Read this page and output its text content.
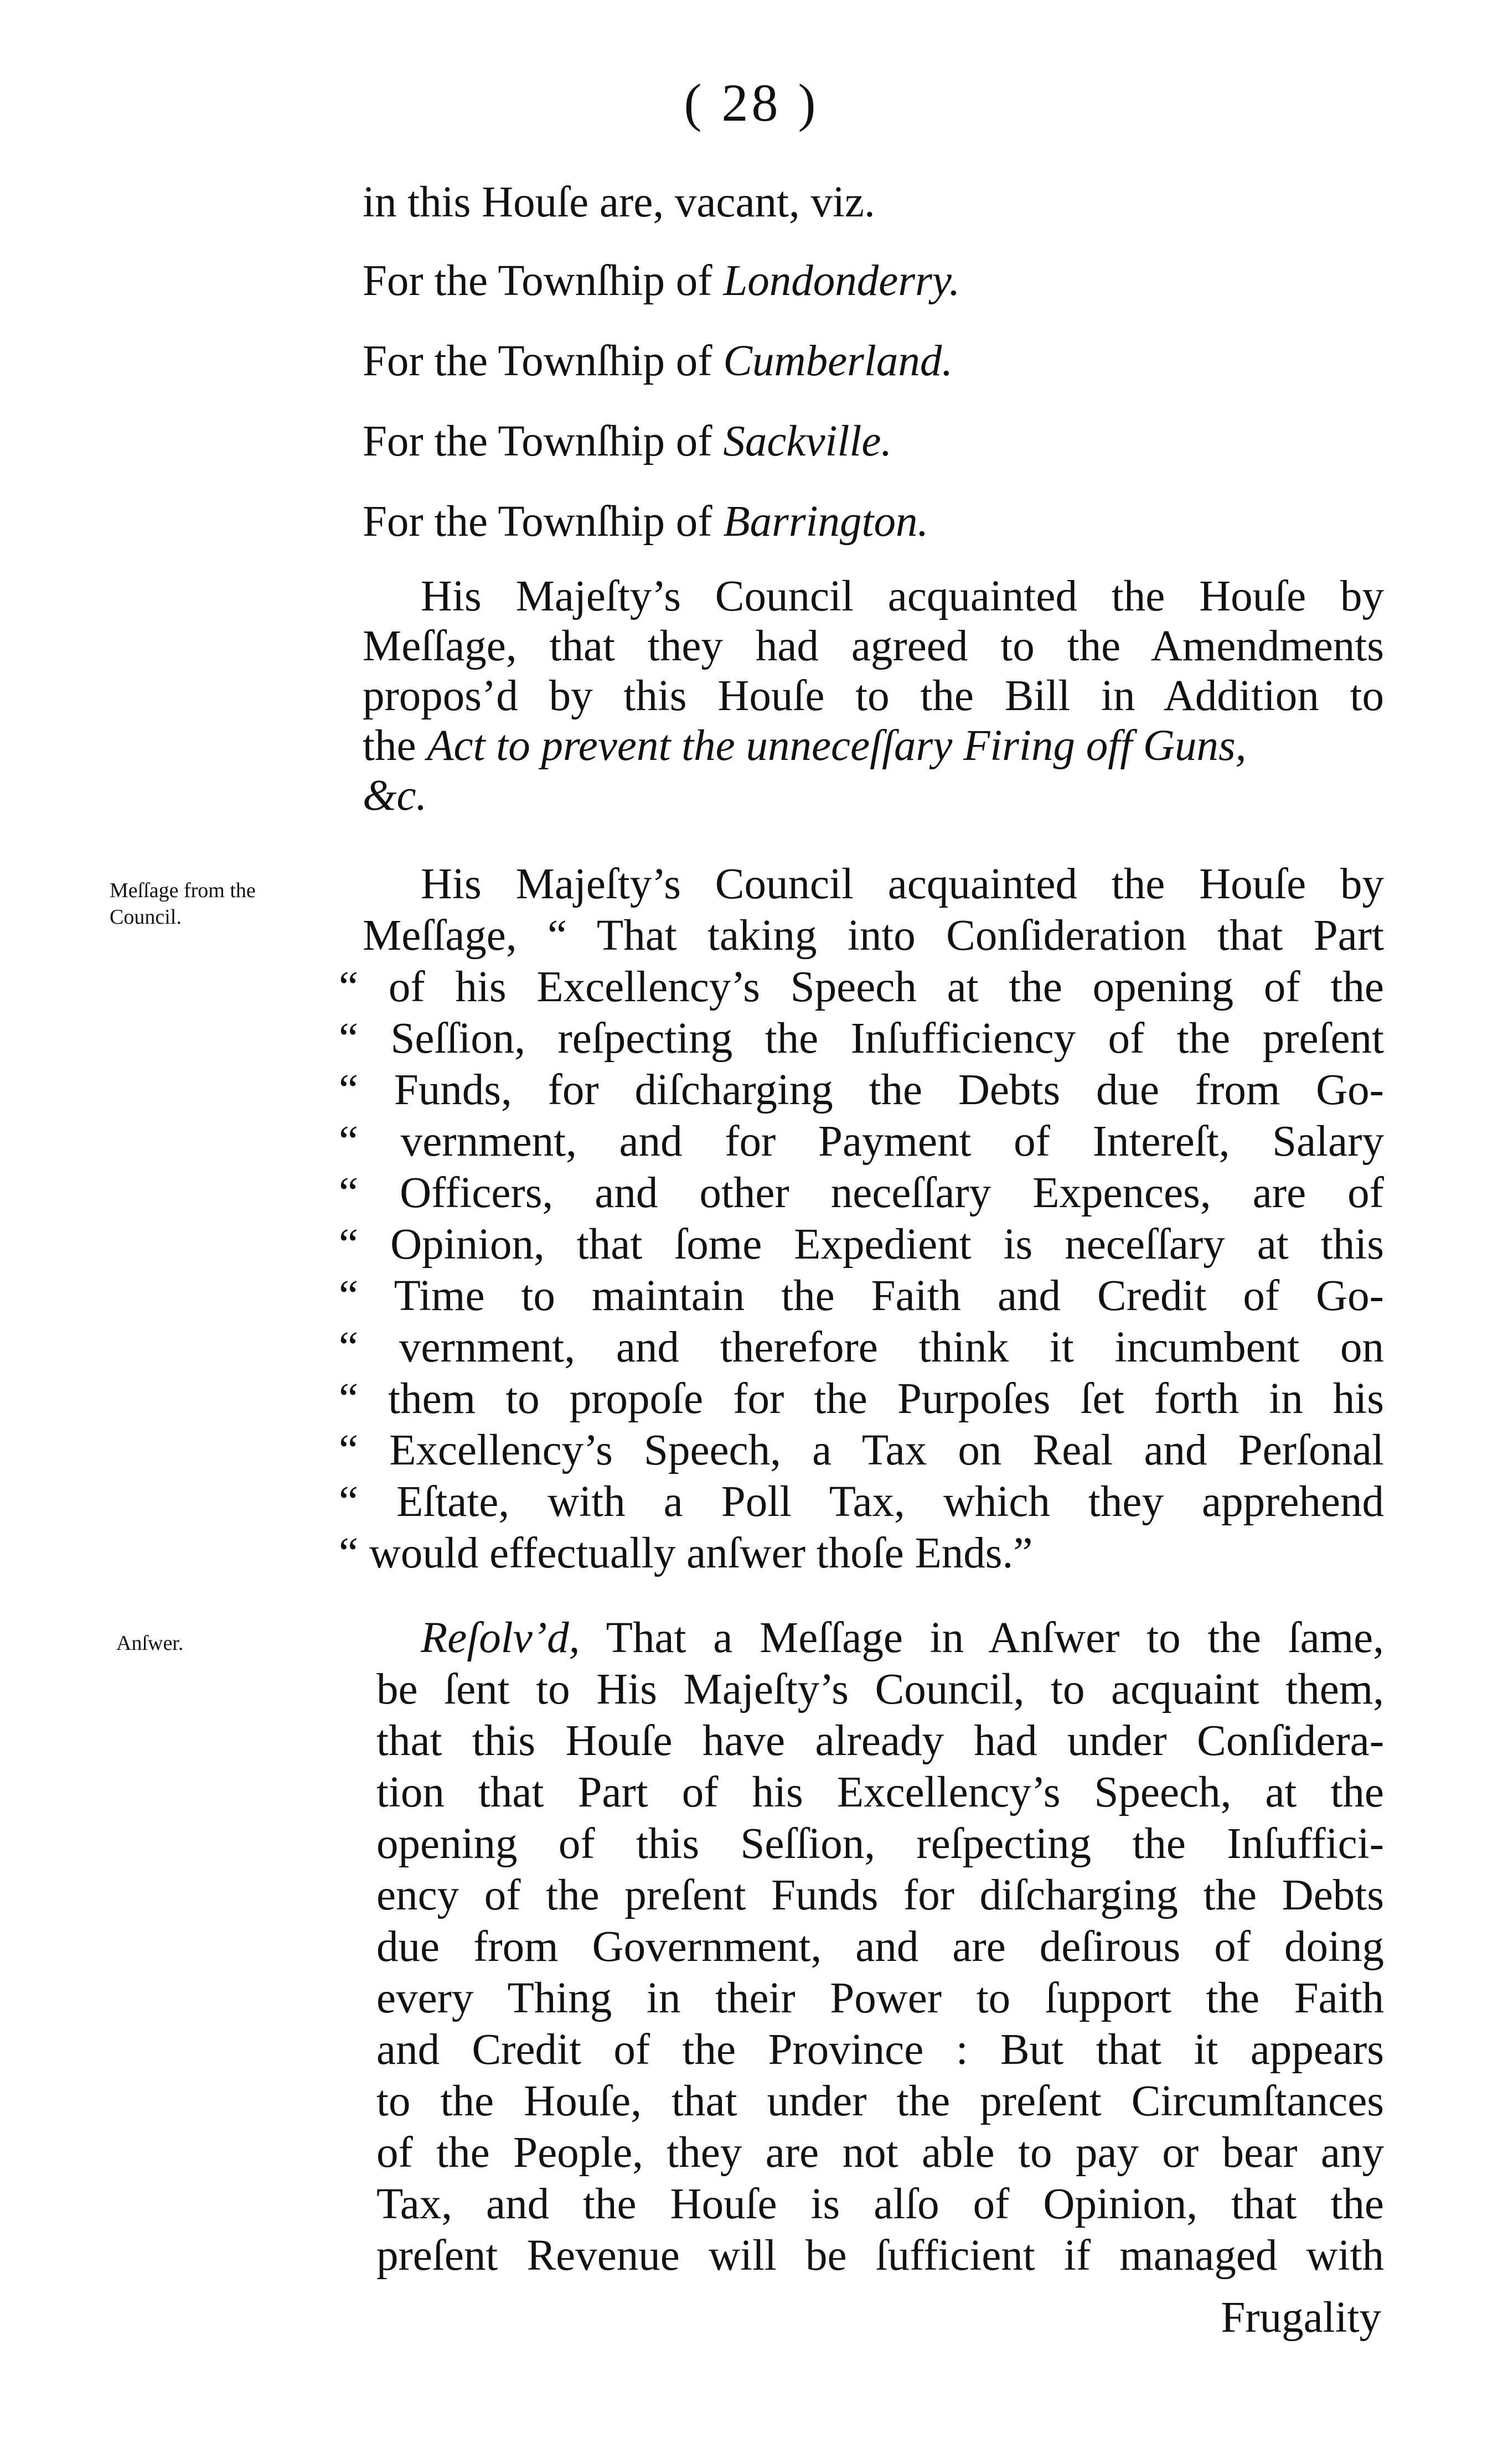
( 28 )
in this Houſe are, vacant, viz.
For the Townſhip of Londonderry.
For the Townſhip of Cumberland.
For the Townſhip of Sackville.
For the Townſhip of Barrington.
His Majeſty’s Council acquainted the Houſe by
Meſſage, that they had agreed to the Amendments
propos’d by this Houſe to the Bill in Addition to
the Act to prevent the unneceſſary Firing off Guns,
&c.
Meſſage from the
Council.
Anſwer.
His Majeſty’s Council acquainted the Houſe by
Meſſage, “ That taking into Conſideration that Part
“ of his Excellency’s Speech at the opening of the
“ Seſſion, reſpecting the Inſufficiency of the preſent
“ Funds, for diſcharging the Debts due from Go-
“ vernment, and for Payment of Intereſt, Salary
“ Officers, and other neceſſary Expences, are of
“ Opinion, that ſome Expedient is neceſſary at this
“ Time to maintain the Faith and Credit of Go-
“ vernment, and therefore think it incumbent on
“ them to propoſe for the Purpoſes ſet forth in his
“ Excellency’s Speech, a Tax on Real and Perſonal
“ Eſtate, with a Poll Tax, which they apprehend
“ would effectually anſwer thoſe Ends.”
Reſolv’d, That a Meſſage in Anſwer to the ſame,
be ſent to His Majeſty’s Council, to acquaint them,
that this Houſe have already had under Conſidera-
tion that Part of his Excellency’s Speech, at the
opening of this Seſſion, reſpecting the Inſuffici-
ency of the preſent Funds for diſcharging the Debts
due from Government, and are deſirous of doing
every Thing in their Power to ſupport the Faith
and Credit of the Province : But that it appears
to the Houſe, that under the preſent Circumſtances
of the People, they are not able to pay or bear any
Tax, and the Houſe is alſo of Opinion, that the
preſent Revenue will be ſufficient if managed with
Frugality
